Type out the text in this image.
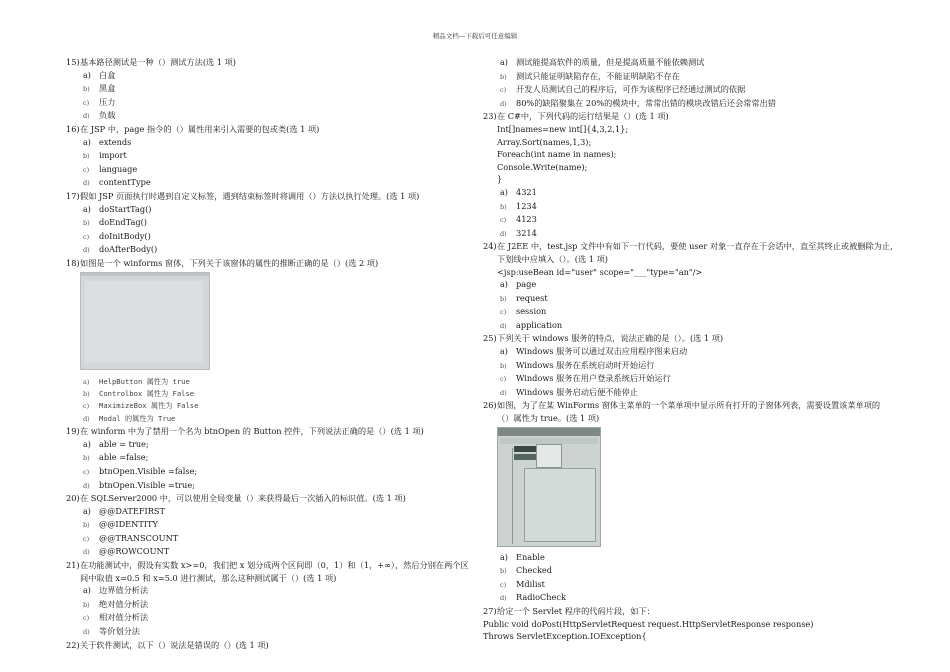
精品文档---下载后可任意编辑
15)基本路径测试是一种（）测试方法(选 1 项)
a) 白盒
b) 黑盒
c) 压力
d) 负载
16)在 JSP 中，page 指令的（）属性用来引入需要的包或类(选 1 项)
a) extends
b) import
c) language
d) contentType
17)假如 JSP 页面执行时遇到自定义标签，遇到结束标签时将调用（）方法以执行处理。(选 1 项)
a) doStartTag()
b) doEndTag()
c) doInitBody()
d) doAfterBody()
18)如图是一个 winforms 窗体，下列关于该窗体的属性的推断正确的是（）(选 2 项)
a) HelpButton 属性为 true
b) Controlbox 属性为 False
c) MaximizeBox 属性为 False
d) Modal 的属性为 True
19)在 winform 中为了禁用一个名为 btnOpen 的 Button 控件，下列说法正确的是（）(选 1 项)
a) able = true;
b) able =false;
c) btnOpen.Visible =false;
d) btnOpen.Visible =true;
20)在 SQLServer2000 中，可以使用全局变量（）来获得最后一次插入的标识值。(选 1 项)
a) @@DATEFIRST
b) @@IDENTITY
c) @@TRANSCOUNT
d) @@ROWCOUNT
21)在功能测试中，假设有实数 x>=0，我们把 x 划分成两个区间即（0，1）和（1，+∞），然后分别在两个区
间中取值 x=0.5 和 x=5.0 进行测试，那么这种测试属于（）(选 1 项)
a) 边界值分析法
b) 绝对值分析法
c) 相对值分析法
d) 等价划分法
22)关于软件测试，以下（）说法是错误的（）(选 1 项)
a) 测试能提高软件的质量，但是提高质量不能依赖测试
b) 测试只能证明缺陷存在，不能证明缺陷不存在
c) 开发人员测试自己的程序后，可作为该程序已经通过测试的依据
d) 80%的缺陷聚集在 20%的模块中，常常出错的模块改错后还会常常出错
23)在 C#中，下列代码的运行结果是（）(选 1 项)
Int[]names=new int[]{4,3,2,1};
Array.Sort(names,1,3);
Foreach(int name in names);
Console.Write(name);
}
a) 4321
b) 1234
c) 4123
d) 3214
24)在 J2EE 中，test.jsp 文件中有如下一行代码，要使 user 对象一直存在于会话中，直至其终止或被删除为止，
下划线中应填入（）。(选 1 项)
<jsp:useBean id="user" scope="___"type="an"/>
a) page
b) request
c) session
d) application
25)下列关于 windows 服务的特点，说法正确的是（）。(选 1 项)
a) Windows 服务可以通过双击应用程序图来启动
b) Windows 服务在系统启动时开始运行
c) Windows 服务在用户登录系统后开始运行
d) Windows 服务启动后便不能停止
26)如图，为了在某 WinForms 窗体主菜单的一个菜单项中显示所有打开的子窗体列表，需要设置该菜单项的
（）属性为 true。(选 1 项)
a) Enable
b) Checked
c) Mdilist
d) RadioCheck
27)给定一个 Servlet 程序的代码片段，如下：
Public void doPost(HttpServletRequest request.HttpServletResponse response)
Throws ServletException.IOException{
